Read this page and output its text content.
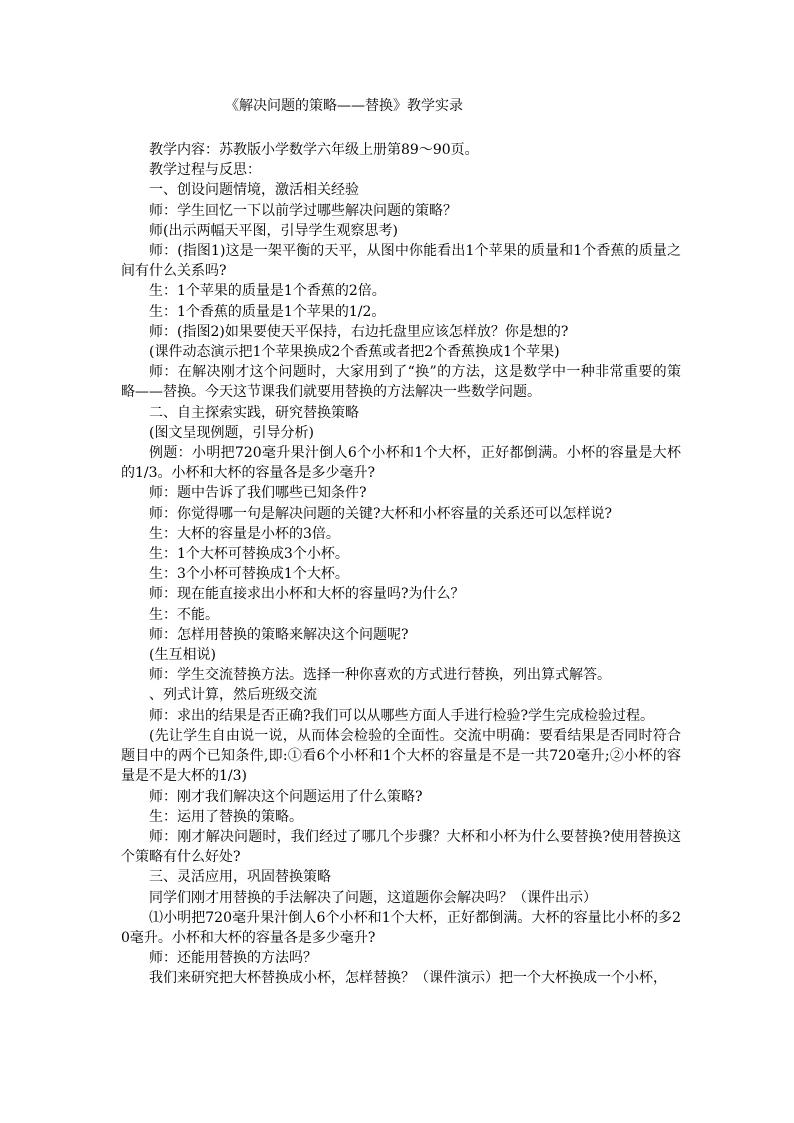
《解决问题的策略——替换》教学实录

教学内容：苏教版小学数学六年级上册第89～90页。

教学过程与反思：

一、创设问题情境，激活相关经验

师：学生回忆一下以前学过哪些解决问题的策略？

师(出示两幅天平图，引导学生观察思考)

师：(指图1)这是一架平衡的天平，从图中你能看出1个苹果的质量和1个香蕉的质量之间有什么关系吗?

生：1个苹果的质量是1个香蕉的2倍。

生：1个香蕉的质量是1个苹果的1/2。

师：(指图2)如果要使天平保持，右边托盘里应该怎样放？你是想的?

(课件动态演示把1个苹果换成2个香蕉或者把2个香蕉换成1个苹果)

师：在解决刚才这个问题时，大家用到了“换”的方法，这是数学中一种非常重要的策略——替换。今天这节课我们就要用替换的方法解决一些数学问题。

二、自主探索实践，研究替换策略

(图文呈现例题，引导分析)

例题：小明把720毫升果汁倒人6个小杯和1个大杯，正好都倒满。小杯的容量是大杯的1/3。小杯和大杯的容量各是多少毫升?

师：题中告诉了我们哪些已知条件?

师：你觉得哪一句是解决问题的关键?大杯和小杯容量的关系还可以怎样说?

生：大杯的容量是小杯的3倍。

生：1个大杯可替换成3个小杯。

生：3个小杯可替换成1个大杯。

师：现在能直接求出小杯和大杯的容量吗?为什么？

生：不能。

师：怎样用替换的策略来解决这个问题呢?

(生互相说)

师：学生交流替换方法。选择一种你喜欢的方式进行替换，列出算式解答。

、列式计算，然后班级交流

师：求出的结果是否正确?我们可以从哪些方面人手进行检验?学生完成检验过程。

(先让学生自由说一说，从而体会检验的全面性。交流中明确：要看结果是否同时符合题目中的两个已知条件,即:①看6个小杯和1个大杯的容量是不是一共720毫升;②小杯的容量是不是大杯的1/3)

师：刚才我们解决这个问题运用了什么策略?

生：运用了替换的策略。

师：刚才解决问题时，我们经过了哪几个步骤？大杯和小杯为什么要替换?使用替换这个策略有什么好处?

三、灵活应用，巩固替换策略

同学们刚才用替换的手法解决了问题，这道题你会解决吗？（课件出示）

⑴小明把720毫升果汁倒人6个小杯和1个大杯，正好都倒满。大杯的容量比小杯的多20毫升。小杯和大杯的容量各是多少毫升?

师：还能用替换的方法吗？

我们来研究把大杯替换成小杯，怎样替换？（课件演示）把一个大杯换成一个小杯，
